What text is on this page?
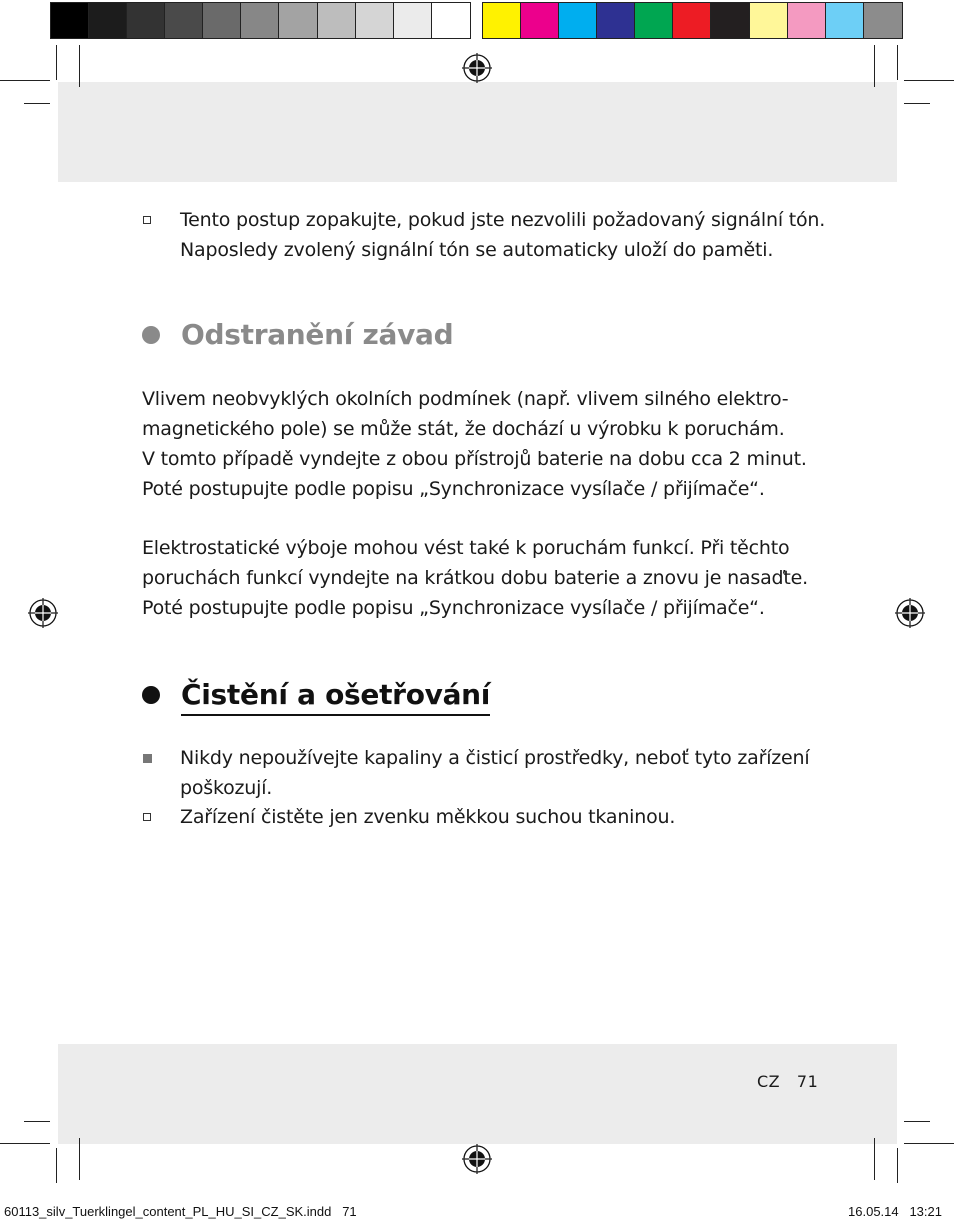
Tento postup zopakujte, pokud jste nezvolili požadovaný signální tón.
Naposledy zvolený signální tón se automaticky uloží do paměti.
Odstranění závad
Vlivem neobvyklých okolních podmínek (např. vlivem silného elektro-
magnetického pole) se může stát, že dochází u výrobku k poruchám.
V tomto případě vyndejte z obou přístrojů baterie na dobu cca 2 minut.
Poté postupujte podle popisu „Synchronizace vysílače / přijímače“.
Elektrostatické výboje mohou vést také k poruchám funkcí. Při těchto
poruchách funkcí vyndejte na krátkou dobu baterie a znovu je nasaďte.
Poté postupujte podle popisu „Synchronizace vysílače / přijímače“.
Čistění a ošetřování
Nikdy nepoužívejte kapaliny a čisticí prostředky, neboť tyto zařízení
poškozují.
Zařízení čistěte jen zvenku měkkou suchou tkaninou.
CZ   71
60113_silv_Tuerklingel_content_PL_HU_SI_CZ_SK.indd   71	16.05.14   13:21
